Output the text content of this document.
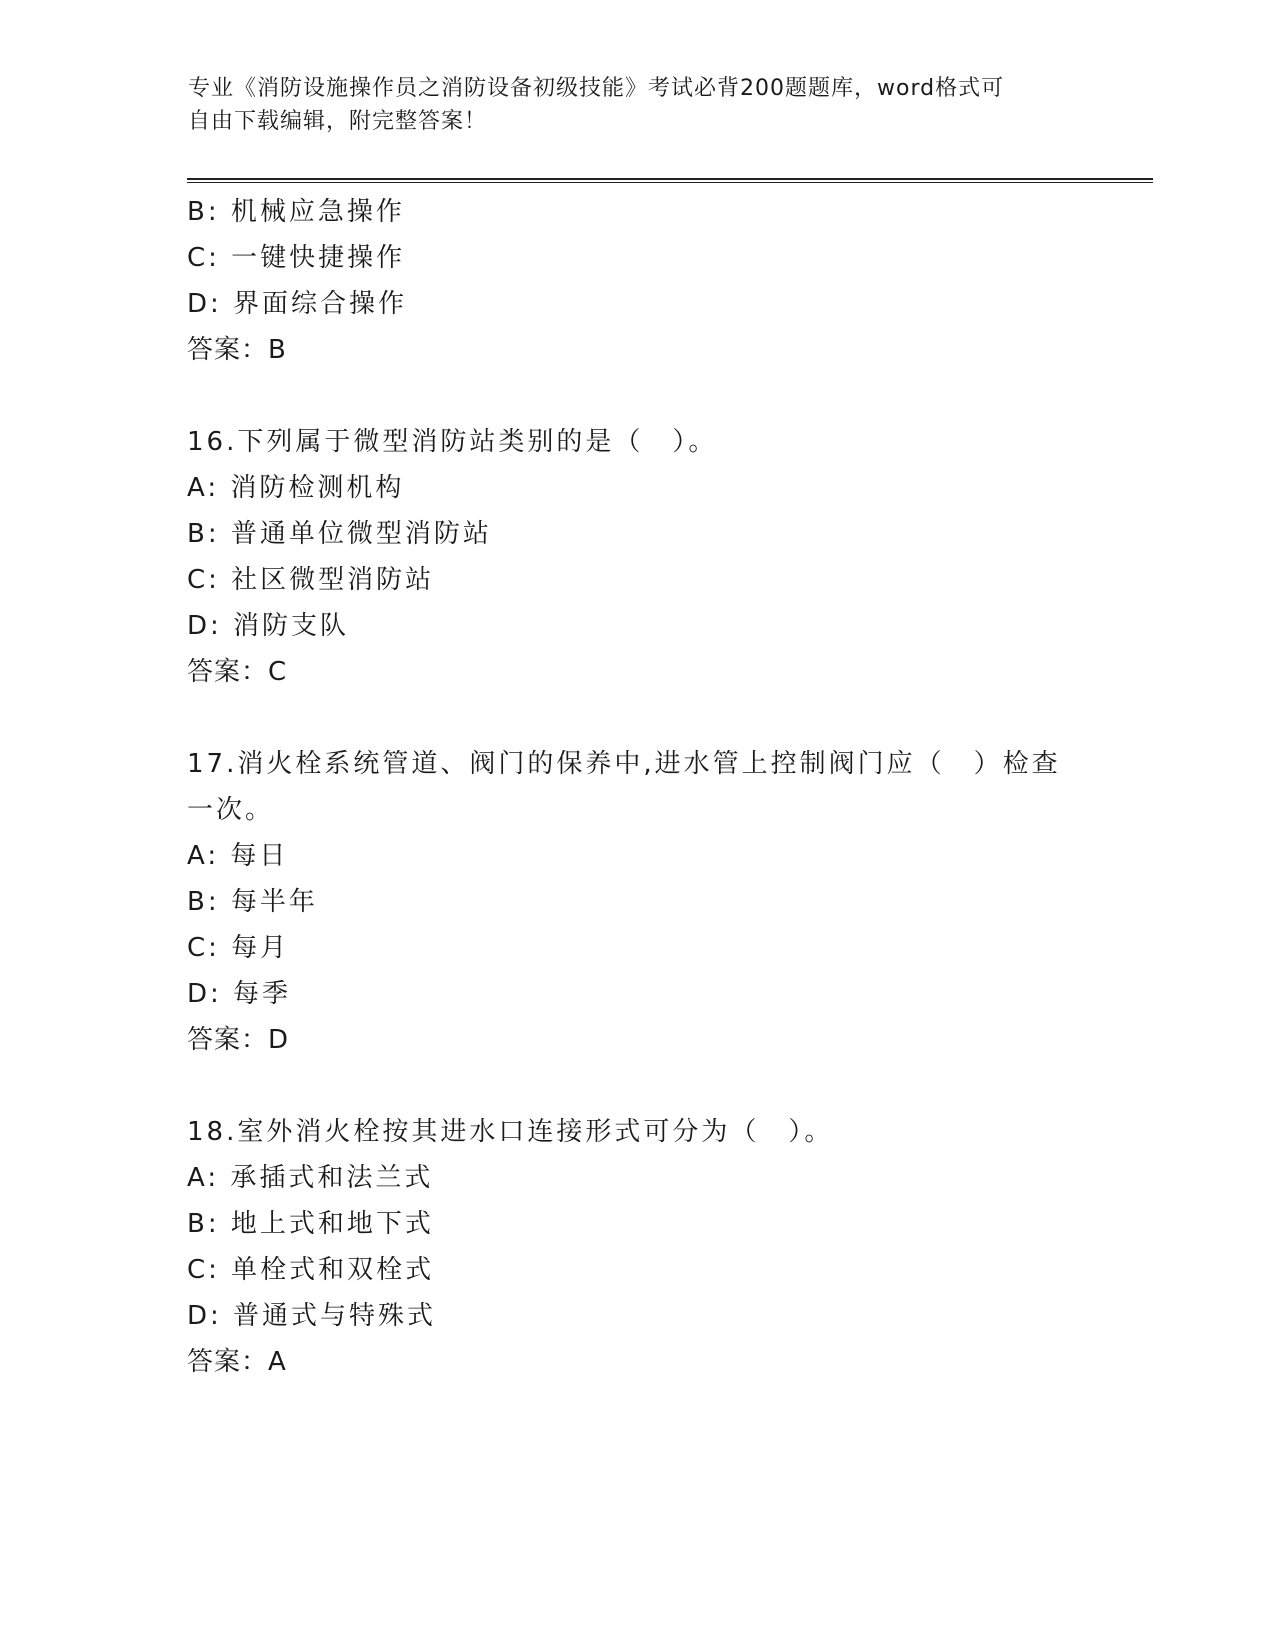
专业《消防设施操作员之消防设备初级技能》考试必背200题题库，word格式可
自由下载编辑，附完整答案！
B: 机械应急操作
C: 一键快捷操作
D: 界面综合操作
答案：B
16.下列属于微型消防站类别的是（　）。
A: 消防检测机构
B: 普通单位微型消防站
C: 社区微型消防站
D: 消防支队
答案：C
17.消火栓系统管道、阀门的保养中,进水管上控制阀门应（　）检查
一次。
A: 每日
B: 每半年
C: 每月
D: 每季
答案：D
18.室外消火栓按其进水口连接形式可分为（　）。
A: 承插式和法兰式
B: 地上式和地下式
C: 单栓式和双栓式
D: 普通式与特殊式
答案：A
